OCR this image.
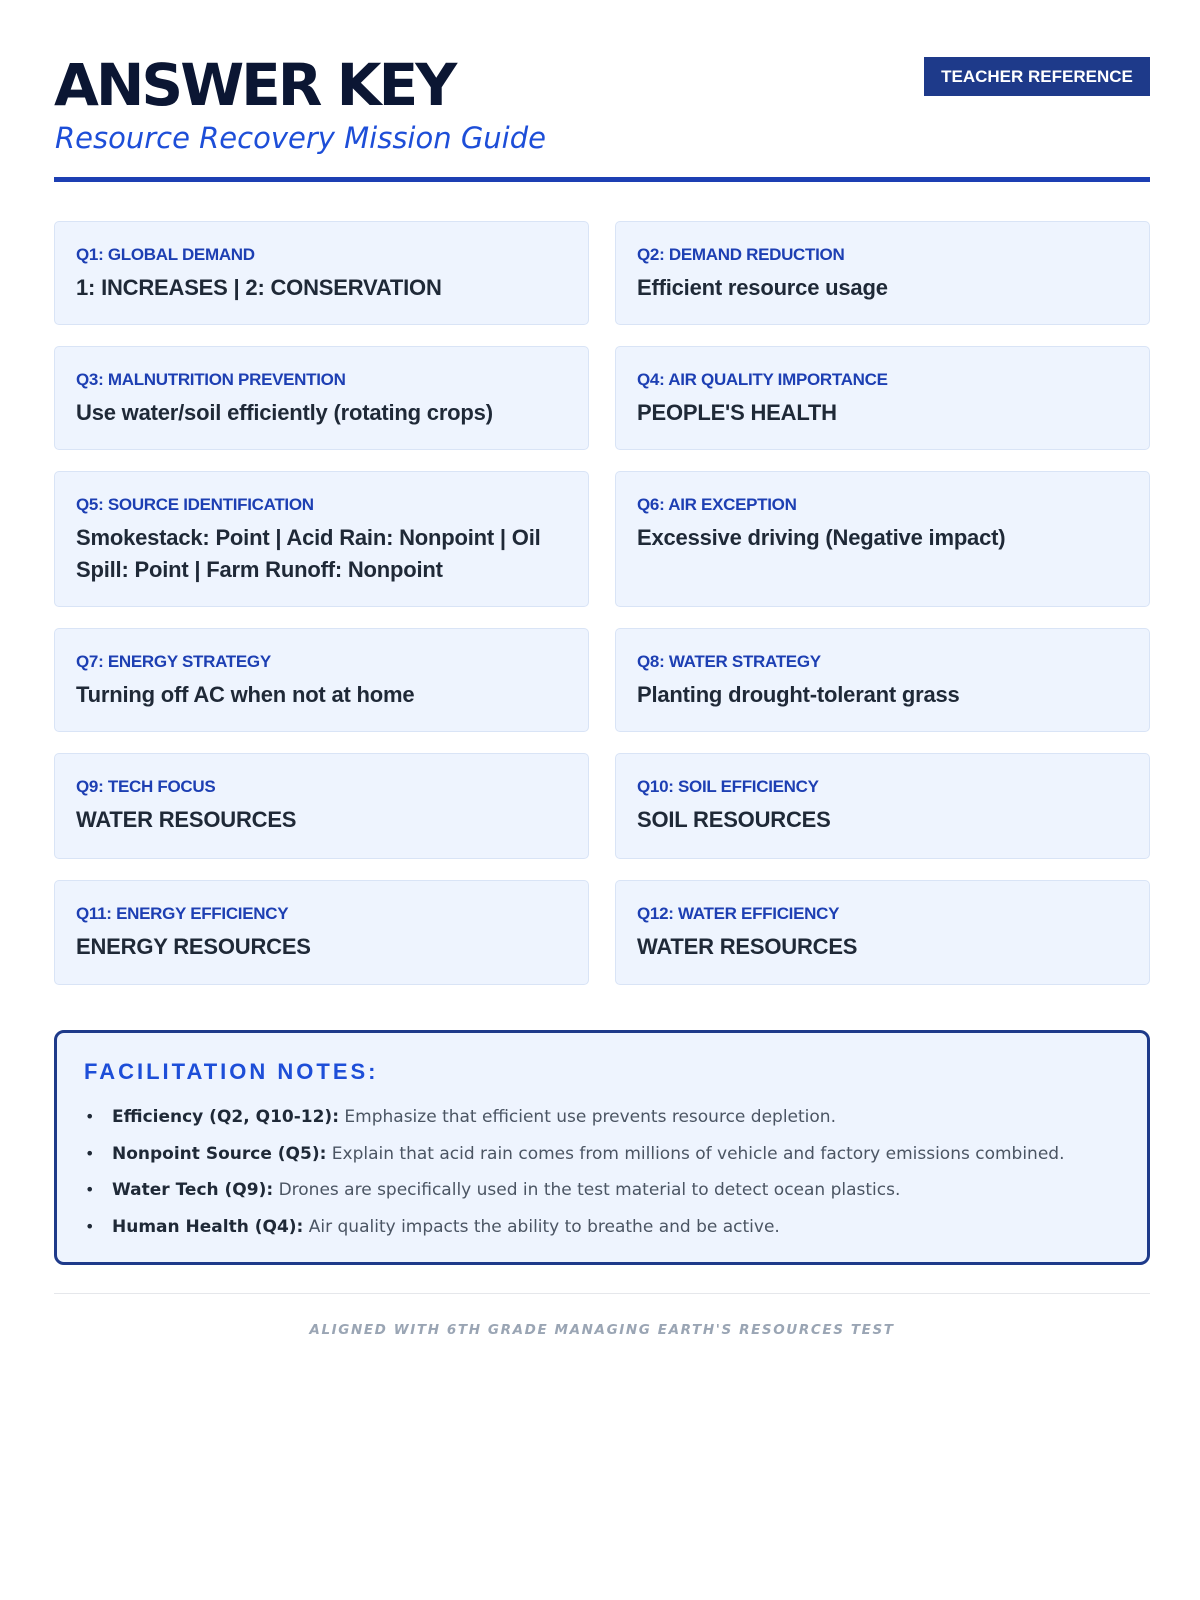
ANSWER KEY
Resource Recovery Mission Guide
TEACHER REFERENCE
Q1: GLOBAL DEMAND
1: INCREASES | 2: CONSERVATION
Q2: DEMAND REDUCTION
Efficient resource usage
Q3: MALNUTRITION PREVENTION
Use water/soil efficiently (rotating crops)
Q4: AIR QUALITY IMPORTANCE
PEOPLE'S HEALTH
Q5: SOURCE IDENTIFICATION
Smokestack: Point | Acid Rain: Nonpoint | Oil Spill: Point | Farm Runoff: Nonpoint
Q6: AIR EXCEPTION
Excessive driving (Negative impact)
Q7: ENERGY STRATEGY
Turning off AC when not at home
Q8: WATER STRATEGY
Planting drought-tolerant grass
Q9: TECH FOCUS
WATER RESOURCES
Q10: SOIL EFFICIENCY
SOIL RESOURCES
Q11: ENERGY EFFICIENCY
ENERGY RESOURCES
Q12: WATER EFFICIENCY
WATER RESOURCES
FACILITATION NOTES:
• Efficiency (Q2, Q10-12): Emphasize that efficient use prevents resource depletion.
• Nonpoint Source (Q5): Explain that acid rain comes from millions of vehicle and factory emissions combined.
• Water Tech (Q9): Drones are specifically used in the test material to detect ocean plastics.
• Human Health (Q4): Air quality impacts the ability to breathe and be active.
ALIGNED WITH 6TH GRADE MANAGING EARTH'S RESOURCES TEST
